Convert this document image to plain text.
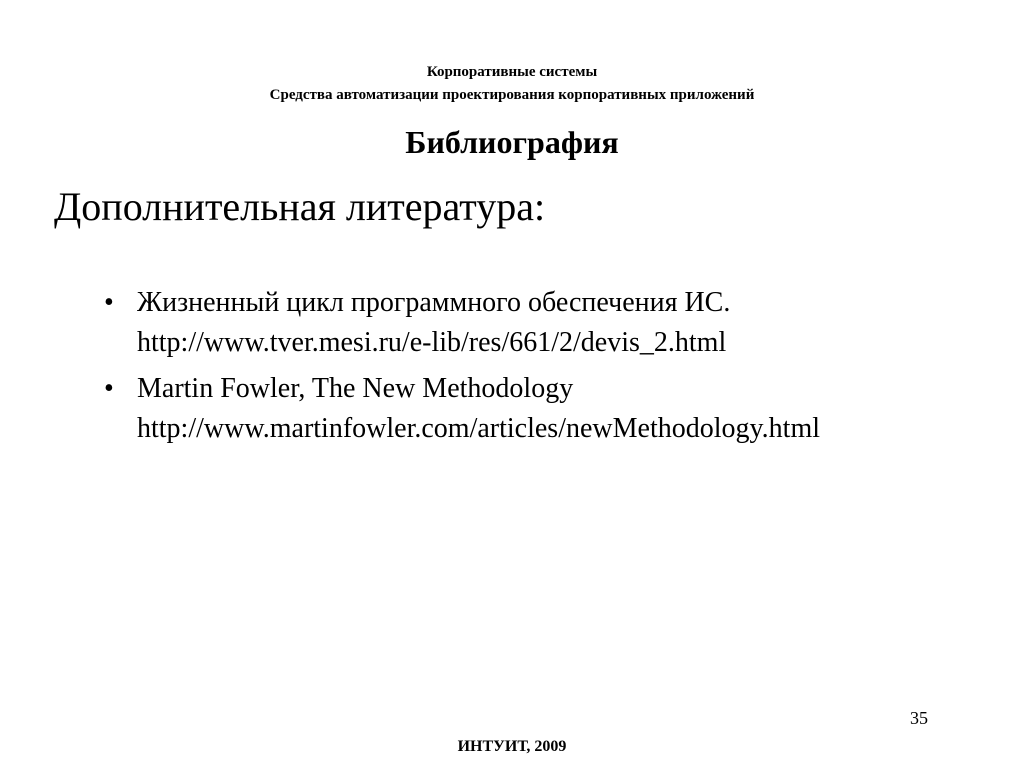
Корпоративные системы
Средства автоматизации проектирования корпоративных приложений
Библиография
Дополнительная литература:
• Жизненный цикл программного обеспечения ИС.
http://www.tver.mesi.ru/e-lib/res/661/2/devis_2.html
• Martin Fowler, The New Methodology
http://www.martinfowler.com/articles/newMethodology.html
35
ИНТУИТ, 2009
